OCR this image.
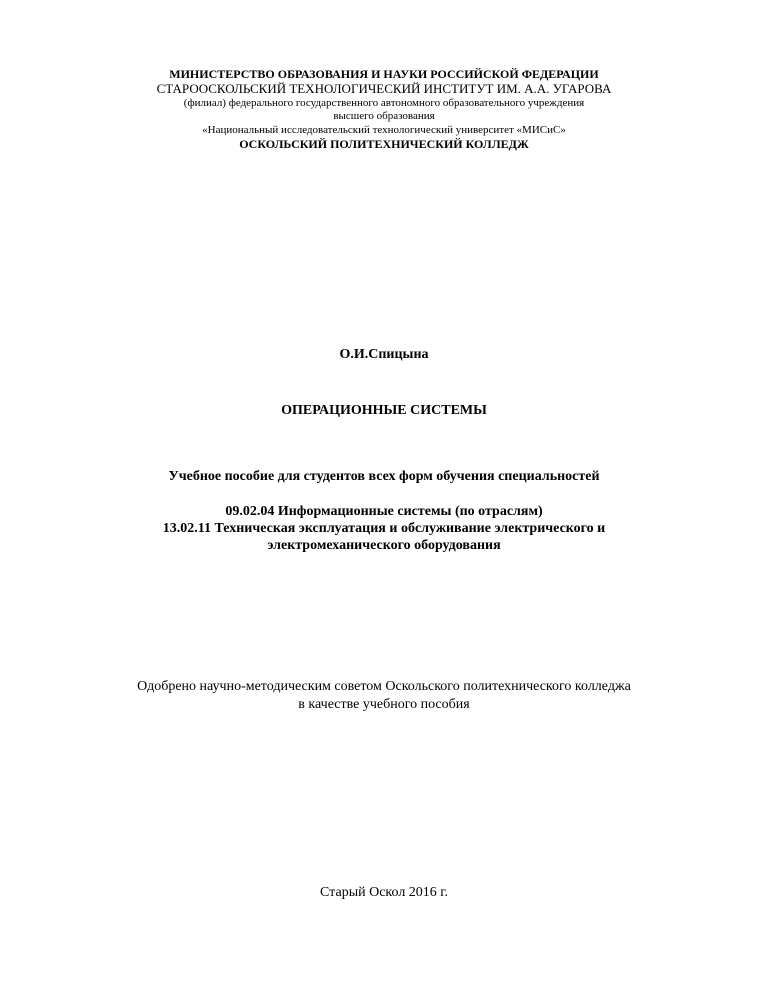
МИНИСТЕРСТВО ОБРАЗОВАНИЯ И НАУКИ РОССИЙСКОЙ ФЕДЕРАЦИИ
СТАРООСКОЛЬСКИЙ ТЕХНОЛОГИЧЕСКИЙ ИНСТИТУТ ИМ. А.А. УГАРОВА
(филиал) федерального государственного автономного образовательного учреждения
высшего образования
«Национальный исследовательский технологический университет «МИСиС»
ОСКОЛЬСКИЙ ПОЛИТЕХНИЧЕСКИЙ КОЛЛЕДЖ
О.И.Спицына
ОПЕРАЦИОННЫЕ СИСТЕМЫ
Учебное пособие для студентов всех форм обучения специальностей
09.02.04 Информационные системы (по отраслям)
13.02.11 Техническая эксплуатация и обслуживание электрического и
электромеханического оборудования
Одобрено научно-методическим советом Оскольского политехнического колледжа
в качестве учебного пособия
Старый Оскол 2016 г.
